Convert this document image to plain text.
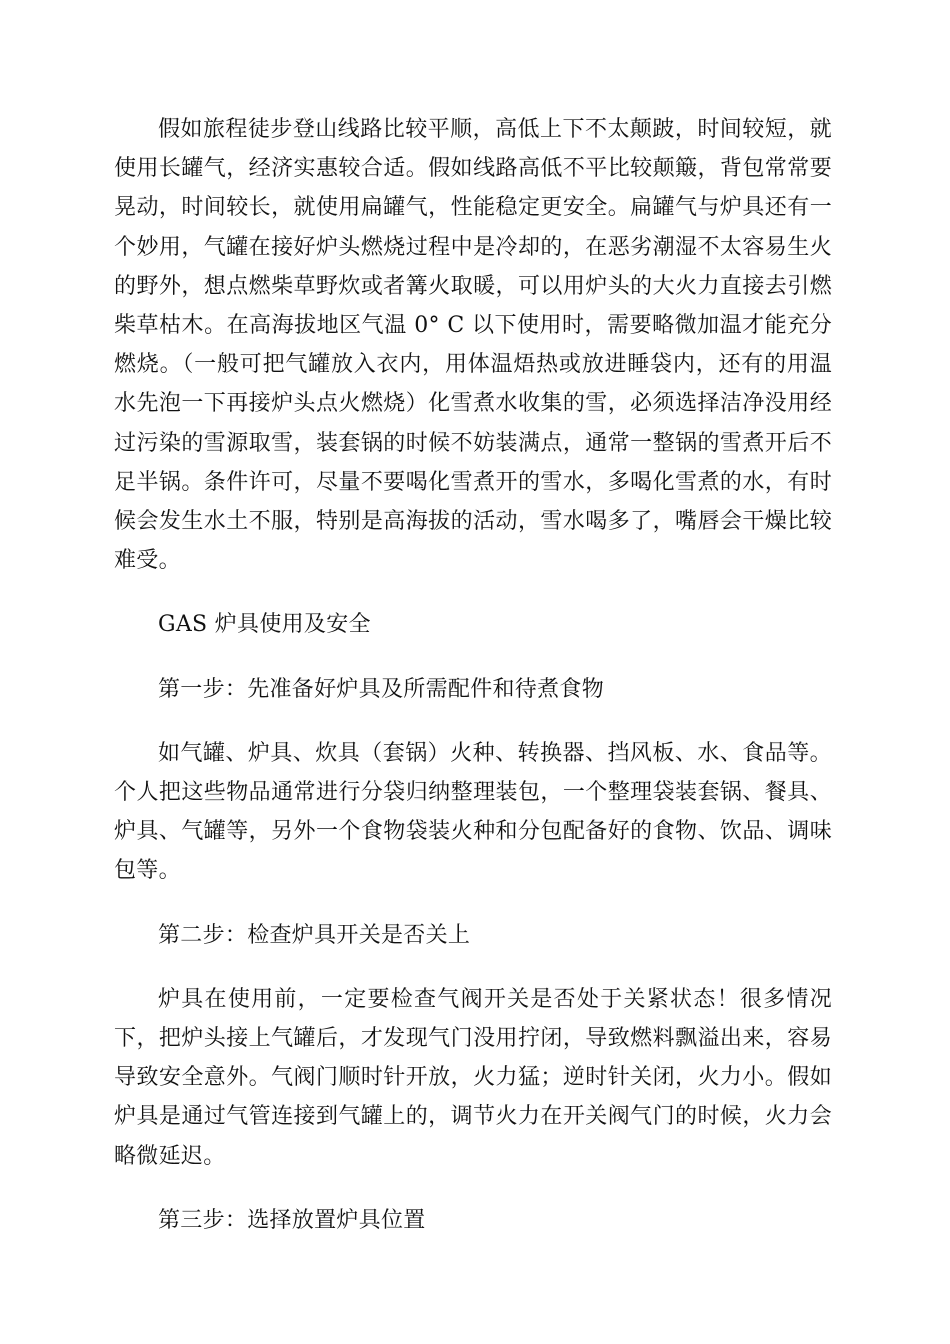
假如旅程徒步登山线路比较平顺，高低上下不太颠跛，时间较短，就使用长罐气，经济实惠较合适。假如线路高低不平比较颠簸，背包常常要晃动，时间较长，就使用扁罐气，性能稳定更安全。扁罐气与炉具还有一个妙用，气罐在接好炉头燃烧过程中是冷却的，在恶劣潮湿不太容易生火的野外，想点燃柴草野炊或者篝火取暖，可以用炉头的大火力直接去引燃柴草枯木。在高海拔地区气温 0° C 以下使用时，需要略微加温才能充分燃烧。（一般可把气罐放入衣内，用体温焐热或放进睡袋内，还有的用温水先泡一下再接炉头点火燃烧）化雪煮水收集的雪，必须选择洁净没用经过污染的雪源取雪，装套锅的时候不妨装满点，通常一整锅的雪煮开后不足半锅。条件许可，尽量不要喝化雪煮开的雪水，多喝化雪煮的水，有时候会发生水土不服，特别是高海拔的活动，雪水喝多了，嘴唇会干燥比较难受。

GAS 炉具使用及安全

第一步：先准备好炉具及所需配件和待煮食物

如气罐、炉具、炊具（套锅）火种、转换器、挡风板、水、食品等。个人把这些物品通常进行分袋归纳整理装包，一个整理袋装套锅、餐具、炉具、气罐等，另外一个食物袋装火种和分包配备好的食物、饮品、调味包等。

第二步：检查炉具开关是否关上

炉具在使用前，一定要检查气阀开关是否处于关紧状态！很多情况下，把炉头接上气罐后，才发现气门没用拧闭，导致燃料飘溢出来，容易导致安全意外。气阀门顺时针开放，火力猛；逆时针关闭，火力小。假如炉具是通过气管连接到气罐上的，调节火力在开关阀气门的时候，火力会略微延迟。

第三步：选择放置炉具位置
